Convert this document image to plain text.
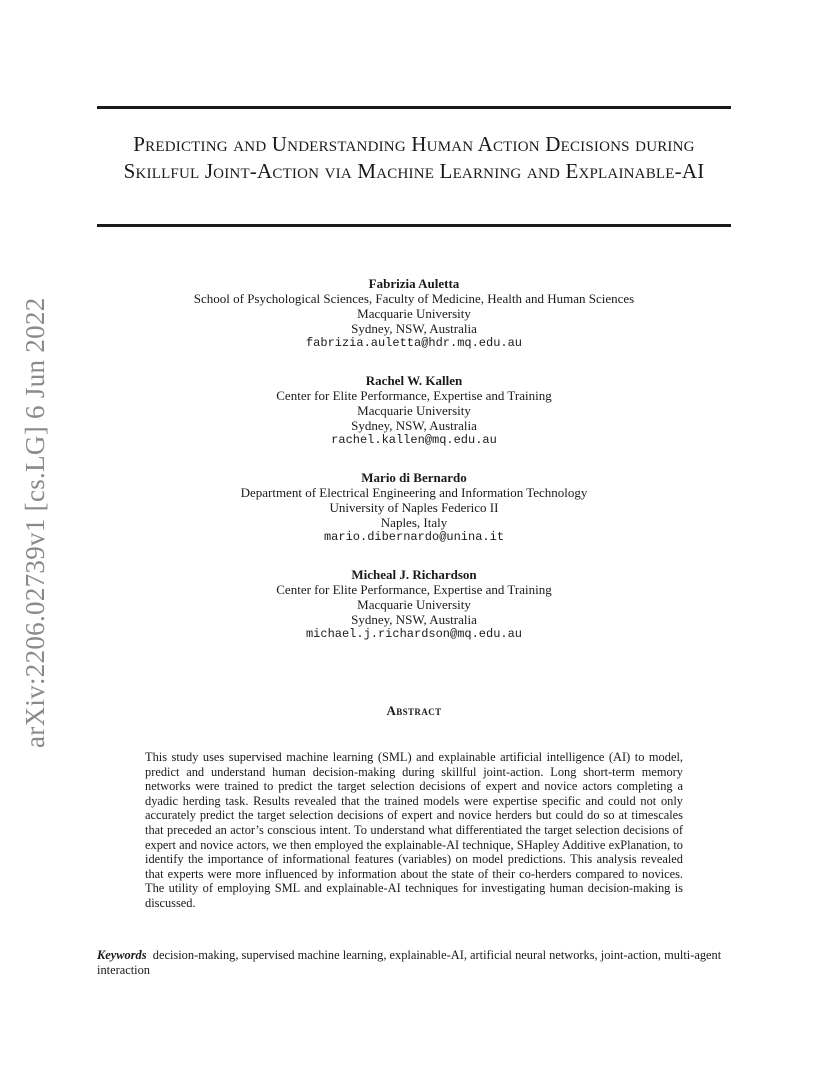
arXiv:2206.02739v1 [cs.LG] 6 Jun 2022
Predicting and Understanding Human Action Decisions during Skillful Joint-Action via Machine Learning and Explainable-AI
Fabrizia Auletta
School of Psychological Sciences, Faculty of Medicine, Health and Human Sciences
Macquarie University
Sydney, NSW, Australia
fabrizia.auletta@hdr.mq.edu.au
Rachel W. Kallen
Center for Elite Performance, Expertise and Training
Macquarie University
Sydney, NSW, Australia
rachel.kallen@mq.edu.au
Mario di Bernardo
Department of Electrical Engineering and Information Technology
University of Naples Federico II
Naples, Italy
mario.dibernardo@unina.it
Micheal J. Richardson
Center for Elite Performance, Expertise and Training
Macquarie University
Sydney, NSW, Australia
michael.j.richardson@mq.edu.au
Abstract

This study uses supervised machine learning (SML) and explainable artificial intelligence (AI) to model, predict and understand human decision-making during skillful joint-action. Long short-term memory networks were trained to predict the target selection decisions of expert and novice actors completing a dyadic herding task. Results revealed that the trained models were expertise specific and could not only accurately predict the target selection decisions of expert and novice herders but could do so at timescales that preceded an actor’s conscious intent. To understand what differentiated the target selection decisions of expert and novice actors, we then employed the explainable-AI technique, SHapley Additive exPlanation, to identify the importance of informational features (variables) on model predictions. This analysis revealed that experts were more influenced by information about the state of their co-herders compared to novices. The utility of employing SML and explainable-AI techniques for investigating human decision-making is discussed.

Keywords decision-making, supervised machine learning, explainable-AI, artificial neural networks, joint-action, multi-agent interaction
